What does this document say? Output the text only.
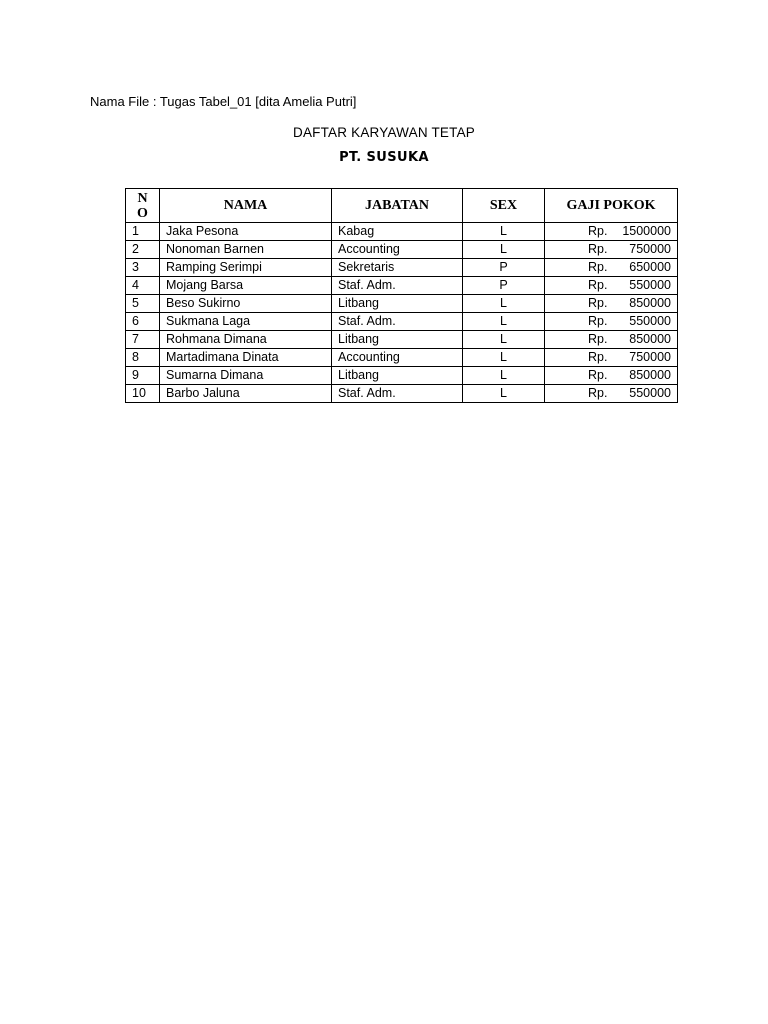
Nama File : Tugas Tabel_01 [dita Amelia Putri]
DAFTAR KARYAWAN TETAP
PT. SUSUKA
N
O	NAMA	JABATAN	SEX	GAJI POKOK
1	Jaka Pesona	Kabag	L	Rp. 1500000
2	Nonoman Barnen	Accounting	L	Rp. 750000
3	Ramping Serimpi	Sekretaris	P	Rp. 650000
4	Mojang Barsa	Staf. Adm.	P	Rp. 550000
5	Beso Sukirno	Litbang	L	Rp. 850000
6	Sukmana Laga	Staf. Adm.	L	Rp. 550000
7	Rohmana Dimana	Litbang	L	Rp. 850000
8	Martadimana Dinata	Accounting	L	Rp. 750000
9	Sumarna Dimana	Litbang	L	Rp. 850000
10	Barbo Jaluna	Staf. Adm.	L	Rp. 550000
